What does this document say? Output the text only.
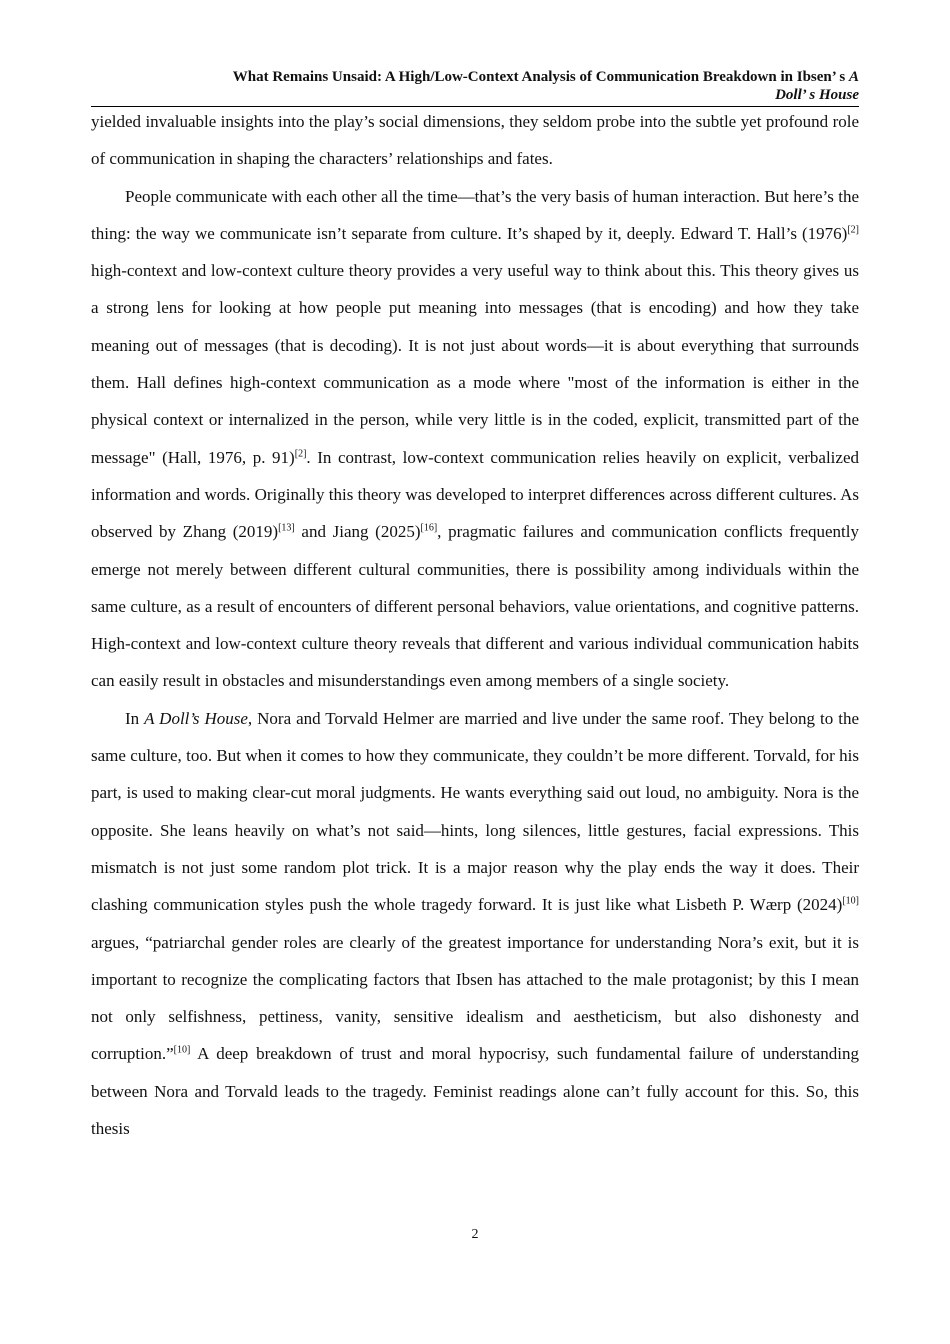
What Remains Unsaid: A High/Low-Context Analysis of Communication Breakdown in Ibsen’ s A
Doll’ s House

yielded invaluable insights into the play’s social dimensions, they seldom probe into the subtle yet profound role of communication in shaping the characters’ relationships and fates.

People communicate with each other all the time—that’s the very basis of human interaction. But here’s the thing: the way we communicate isn’t separate from culture. It’s shaped by it, deeply. Edward T. Hall’s (1976)[2] high-context and low-context culture theory provides a very useful way to think about this. This theory gives us a strong lens for looking at how people put meaning into messages (that is encoding) and how they take meaning out of messages (that is decoding). It is not just about words—it is about everything that surrounds them. Hall defines high-context communication as a mode where "most of the information is either in the physical context or internalized in the person, while very little is in the coded, explicit, transmitted part of the message" (Hall, 1976, p. 91)[2]. In contrast, low-context communication relies heavily on explicit, verbalized information and words. Originally this theory was developed to interpret differences across different cultures. As observed by Zhang (2019)[13] and Jiang (2025)[16], pragmatic failures and communication conflicts frequently emerge not merely between different cultural communities, there is possibility among individuals within the same culture, as a result of encounters of different personal behaviors, value orientations, and cognitive patterns. High-context and low-context culture theory reveals that different and various individual communication habits can easily result in obstacles and misunderstandings even among members of a single society.

In A Doll’s House, Nora and Torvald Helmer are married and live under the same roof. They belong to the same culture, too. But when it comes to how they communicate, they couldn’t be more different. Torvald, for his part, is used to making clear-cut moral judgments. He wants everything said out loud, no ambiguity. Nora is the opposite. She leans heavily on what’s not said—hints, long silences, little gestures, facial expressions. This mismatch is not just some random plot trick. It is a major reason why the play ends the way it does. Their clashing communication styles push the whole tragedy forward. It is just like what Lisbeth P. Wærp (2024)[10] argues, “patriarchal gender roles are clearly of the greatest importance for understanding Nora’s exit, but it is important to recognize the complicating factors that Ibsen has attached to the male protagonist; by this I mean not only selfishness, pettiness, vanity, sensitive idealism and aestheticism, but also dishonesty and corruption.”[10] A deep breakdown of trust and moral hypocrisy, such fundamental failure of understanding between Nora and Torvald leads to the tragedy. Feminist readings alone can’t fully account for this. So, this thesis

2
